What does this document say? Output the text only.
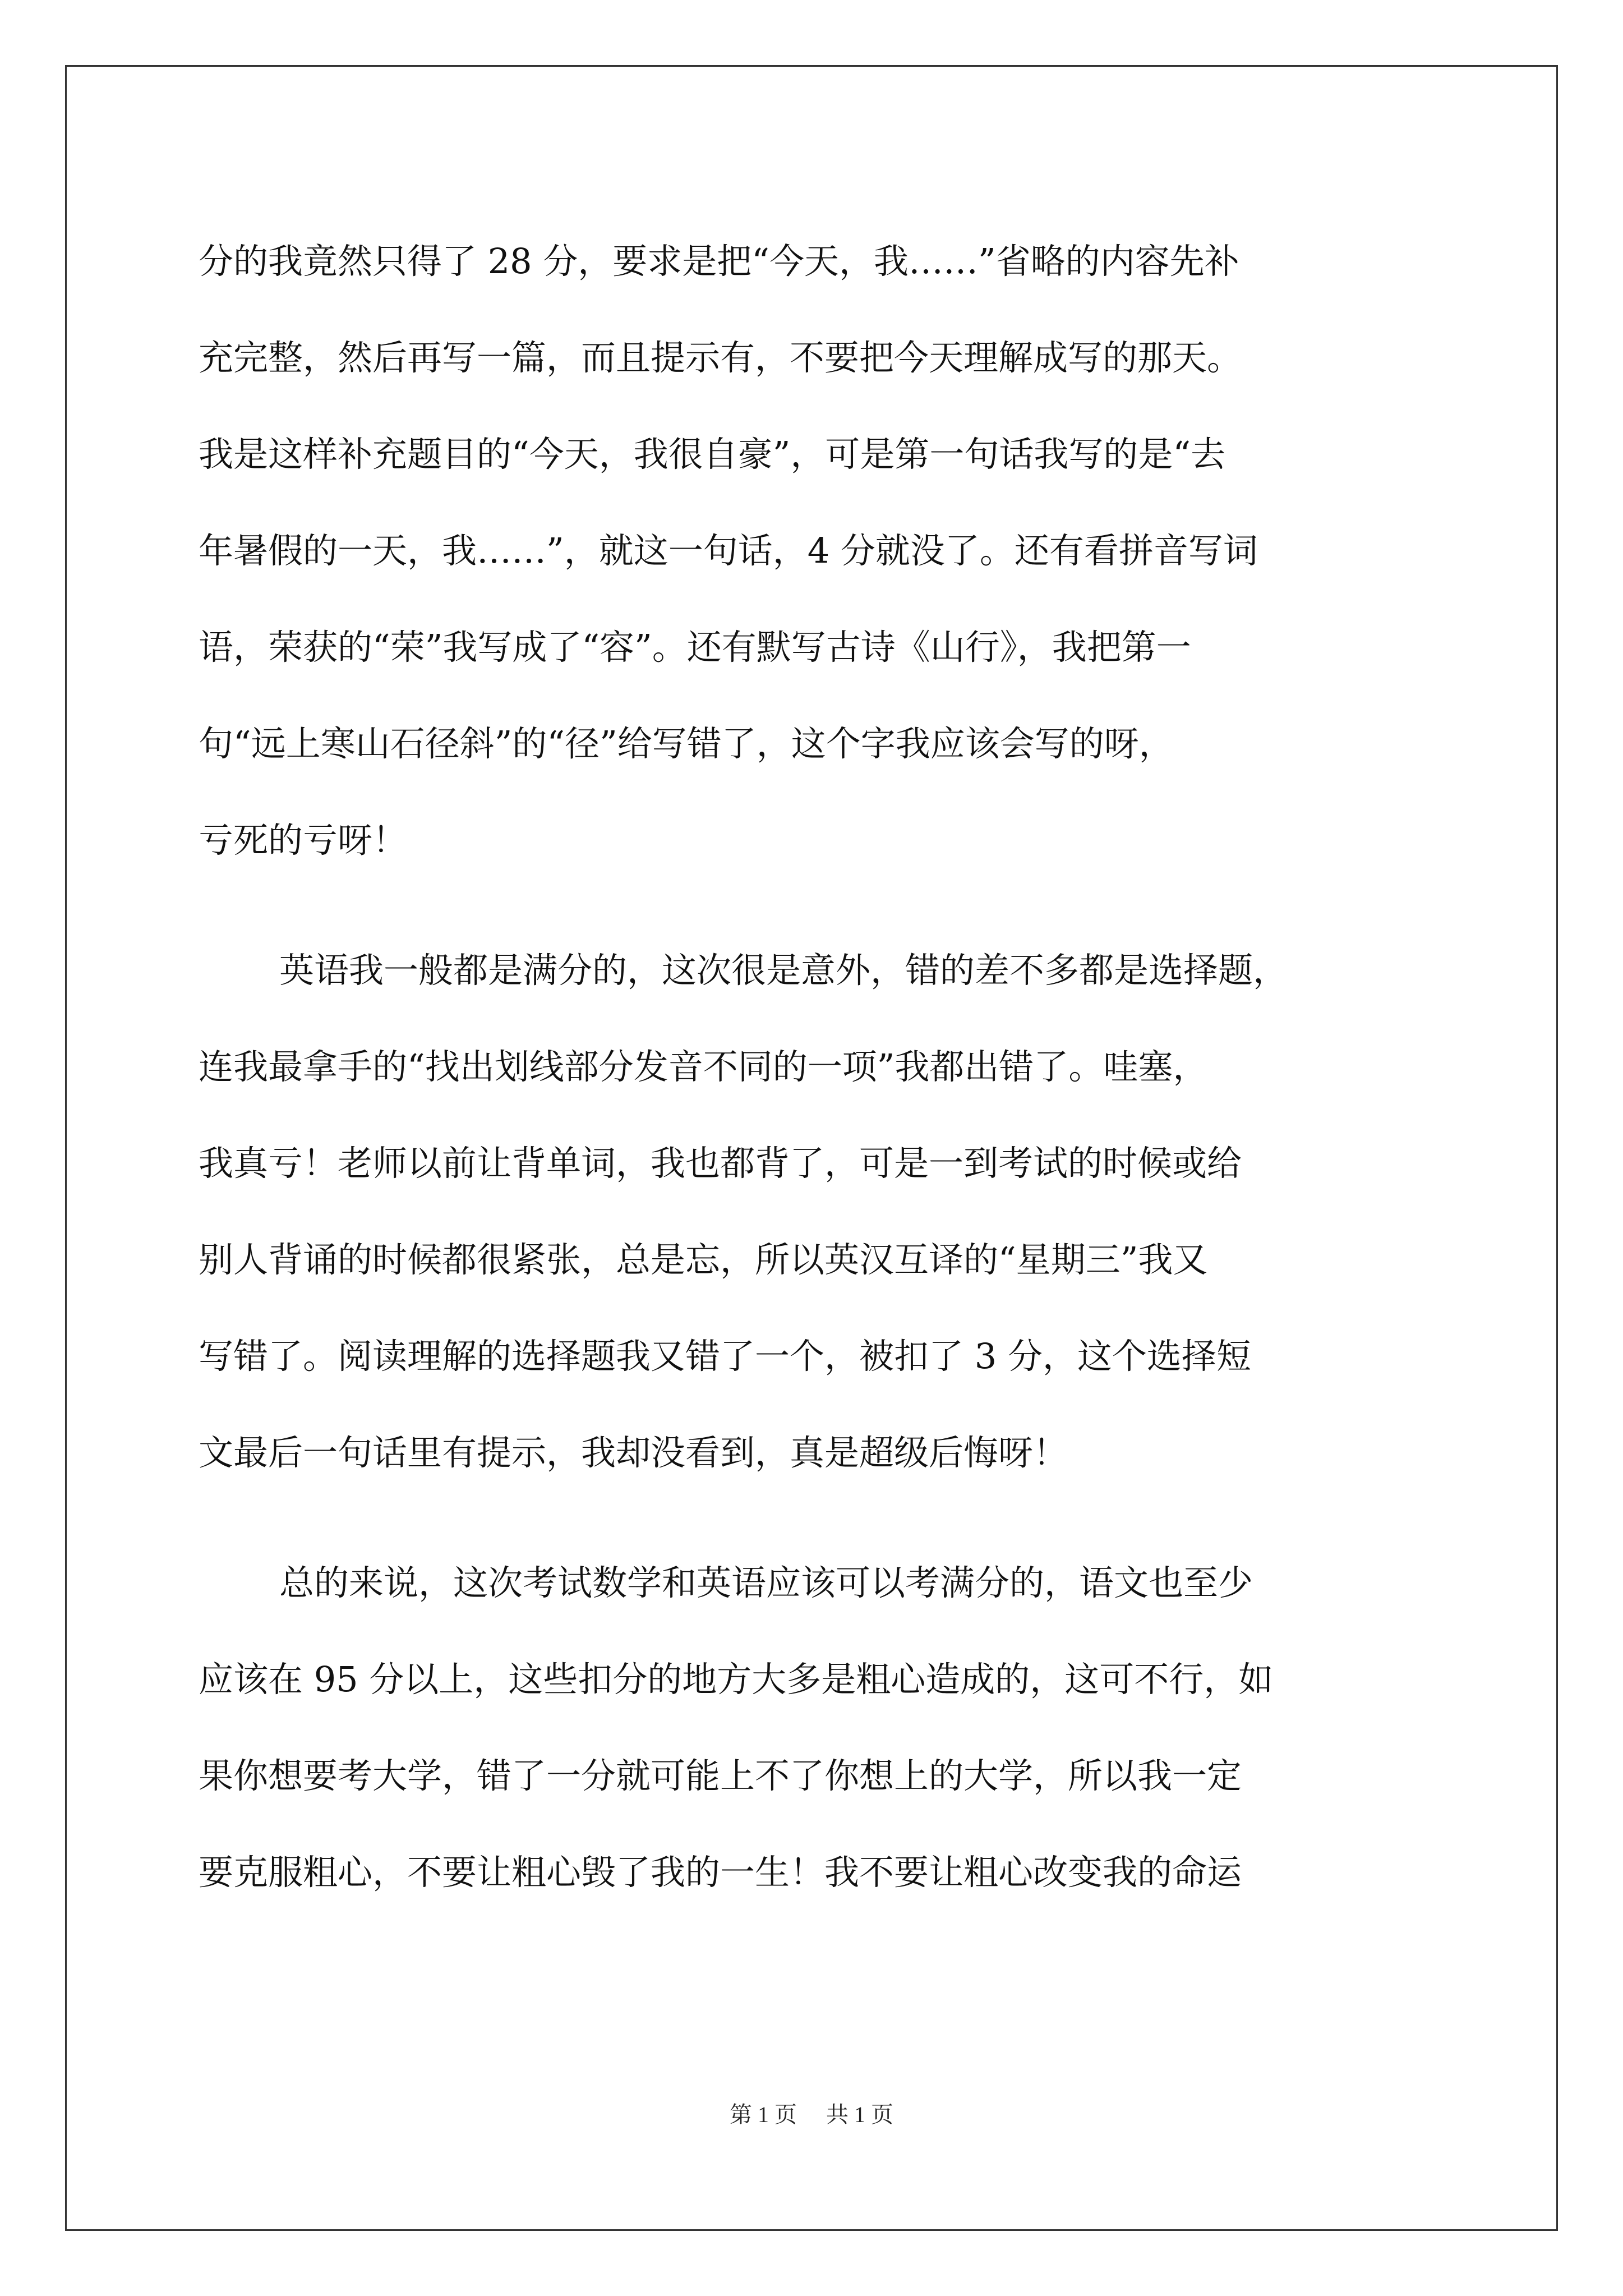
分的我竟然只得了 28 分，要求是把“今天，我……”省略的内容先补
充完整，然后再写一篇，而且提示有，不要把今天理解成写的那天。
我是这样补充题目的“今天，我很自豪”，可是第一句话我写的是“去
年暑假的一天，我……”，就这一句话，4 分就没了。还有看拼音写词
语，荣获的“荣”我写成了“容”。还有默写古诗《山行》，我把第一
句“远上寒山石径斜”的“径”给写错了，这个字我应该会写的呀，
亏死的亏呀！
英语我一般都是满分的，这次很是意外，错的差不多都是选择题，
连我最拿手的“找出划线部分发音不同的一项”我都出错了。哇塞，
我真亏！老师以前让背单词，我也都背了，可是一到考试的时候或给
别人背诵的时候都很紧张，总是忘，所以英汉互译的“星期三”我又
写错了。阅读理解的选择题我又错了一个，被扣了 3 分，这个选择短
文最后一句话里有提示，我却没看到，真是超级后悔呀！
总的来说，这次考试数学和英语应该可以考满分的，语文也至少
应该在 95 分以上，这些扣分的地方大多是粗心造成的，这可不行，如
果你想要考大学，错了一分就可能上不了你想上的大学，所以我一定
要克服粗心，不要让粗心毁了我的一生！我不要让粗心改变我的命运
第 1 页 共 1 页
